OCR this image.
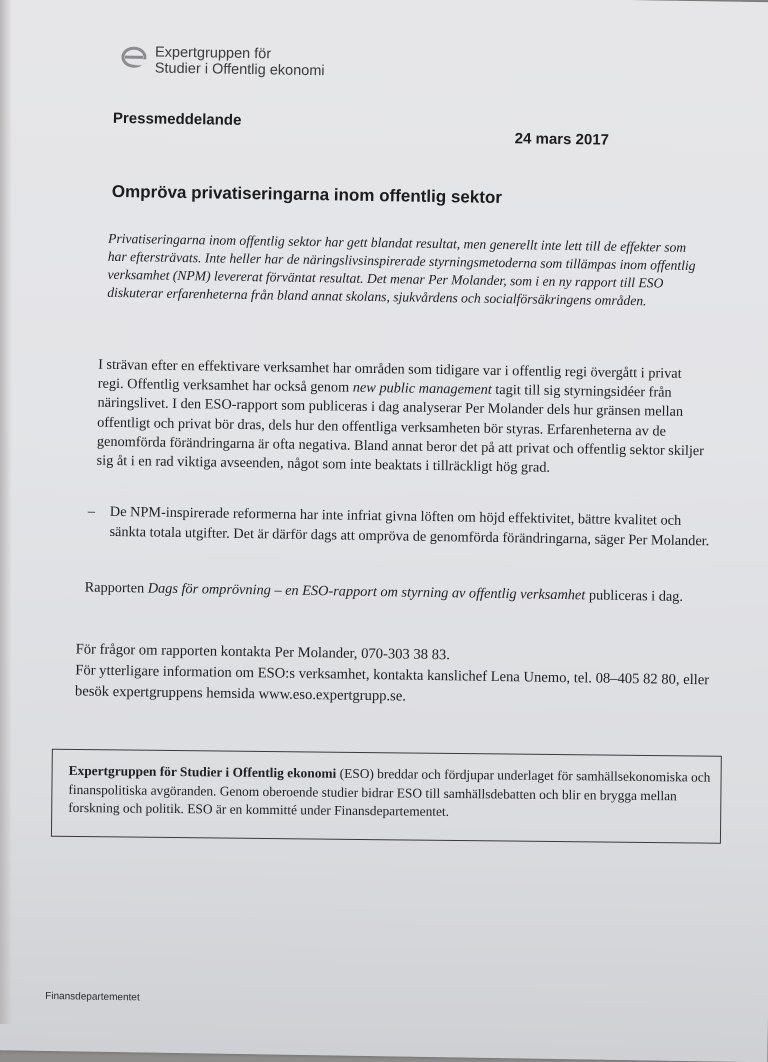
Expertgruppen för
Studier i Offentlig ekonomi
Pressmeddelande
24 mars 2017
Ompröva privatiseringarna inom offentlig sektor
Privatiseringarna inom offentlig sektor har gett blandat resultat, men generellt inte lett till de effekter som har eftersträvats. Inte heller har de näringslivsinspirerade styrningsmetoderna som tillämpas inom offentlig verksamhet (NPM) levererat förväntat resultat. Det menar Per Molander, som i en ny rapport till ESO diskuterar erfarenheterna från bland annat skolans, sjukvårdens och socialförsäkringens områden.
I strävan efter en effektivare verksamhet har områden som tidigare var i offentlig regi övergått i privat regi. Offentlig verksamhet har också genom new public management tagit till sig styrningsidéer från näringslivet. I den ESO-rapport som publiceras i dag analyserar Per Molander dels hur gränsen mellan offentligt och privat bör dras, dels hur den offentliga verksamheten bör styras. Erfarenheterna av de genomförda förändringarna är ofta negativa. Bland annat beror det på att privat och offentlig sektor skiljer sig åt i en rad viktiga avseenden, något som inte beaktats i tillräckligt hög grad.
–	De NPM-inspirerade reformerna har inte infriat givna löften om höjd effektivitet, bättre kvalitet och sänkta totala utgifter. Det är därför dags att ompröva de genomförda förändringarna, säger Per Molander.
Rapporten Dags för omprövning – en ESO-rapport om styrning av offentlig verksamhet publiceras i dag.
För frågor om rapporten kontakta Per Molander, 070-303 38 83.
För ytterligare information om ESO:s verksamhet, kontakta kanslichef Lena Unemo, tel. 08–405 82 80, eller besök expertgruppens hemsida www.eso.expertgrupp.se.
Expertgruppen för Studier i Offentlig ekonomi (ESO) breddar och fördjupar underlaget för samhällsekonomiska och finanspolitiska avgöranden. Genom oberoende studier bidrar ESO till samhällsdebatten och blir en brygga mellan forskning och politik. ESO är en kommitté under Finansdepartementet.
Finansdepartementet
